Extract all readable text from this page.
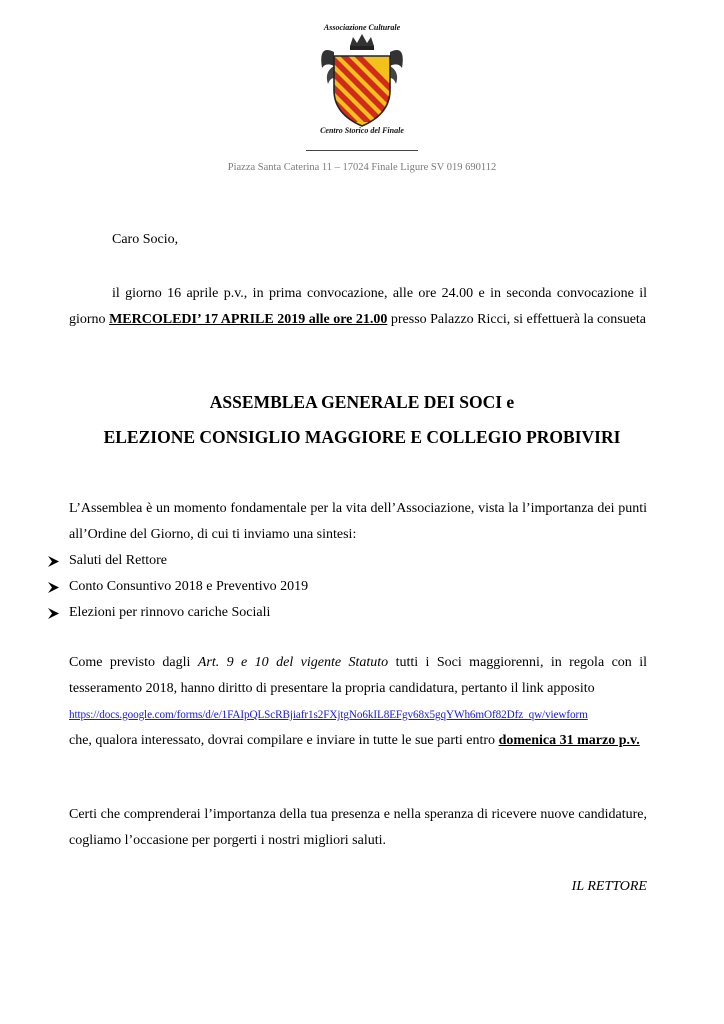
Associazione Culturale
Centro Storico del Finale
Piazza Santa Caterina 11 – 17024 Finale Ligure SV 019 690112
Caro Socio,
il giorno 16 aprile p.v., in prima convocazione, alle ore 24.00 e in seconda convocazione il giorno MERCOLEDI’ 17 APRILE 2019 alle ore 21.00 presso Palazzo Ricci, si effettuerà la consueta
ASSEMBLEA GENERALE DEI SOCI e
ELEZIONE CONSIGLIO MAGGIORE E COLLEGIO PROBIVIRI
L’Assemblea è un momento fondamentale per la vita dell’Associazione, vista la l’importanza dei punti all’Ordine del Giorno, di cui ti inviamo una sintesi:
Saluti del Rettore
Conto Consuntivo 2018 e Preventivo 2019
Elezioni per rinnovo cariche Sociali
Come previsto dagli Art. 9 e 10 del vigente Statuto tutti i Soci maggiorenni, in regola con il tesseramento 2018, hanno diritto di presentare la propria candidatura, pertanto il link apposito
https://docs.google.com/forms/d/e/1FAIpQLScRBjiafr1s2FXjtgNo6kIL8EFgv68x5gqYWh6mOf82Dfz_qw/viewform
che, qualora interessato, dovrai compilare e inviare in tutte le sue parti entro domenica 31 marzo p.v.
Certi che comprenderai l’importanza della tua presenza e nella speranza di ricevere nuove candidature, cogliamo l’occasione per porgerti i nostri migliori saluti.
IL RETTORE
